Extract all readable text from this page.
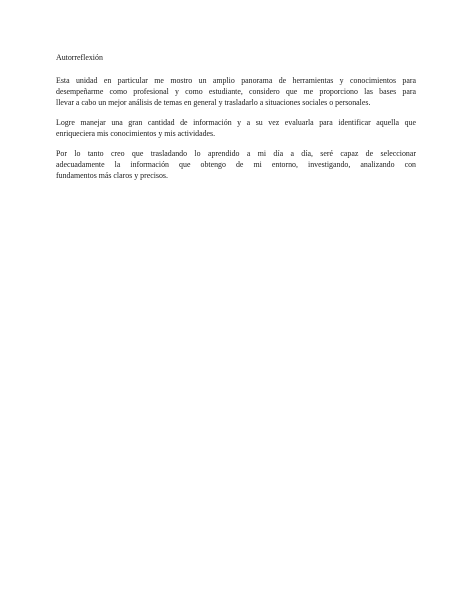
Autorreflexión

Esta unidad en particular me mostro un amplio panorama de herramientas y conocimientos para
desempeñarme como profesional y como estudiante, considero que me proporciono las bases para
llevar a cabo un mejor análisis de temas en general y trasladarlo a situaciones sociales o personales.

Logre manejar una gran cantidad de información y a su vez evaluarla para identificar aquella que
enriqueciera mis conocimientos y mis actividades.

Por lo tanto creo que trasladando lo aprendido a mi día a día, seré capaz de seleccionar
adecuadamente la información que obtengo de mi entorno, investigando, analizando con
fundamentos más claros y precisos.
